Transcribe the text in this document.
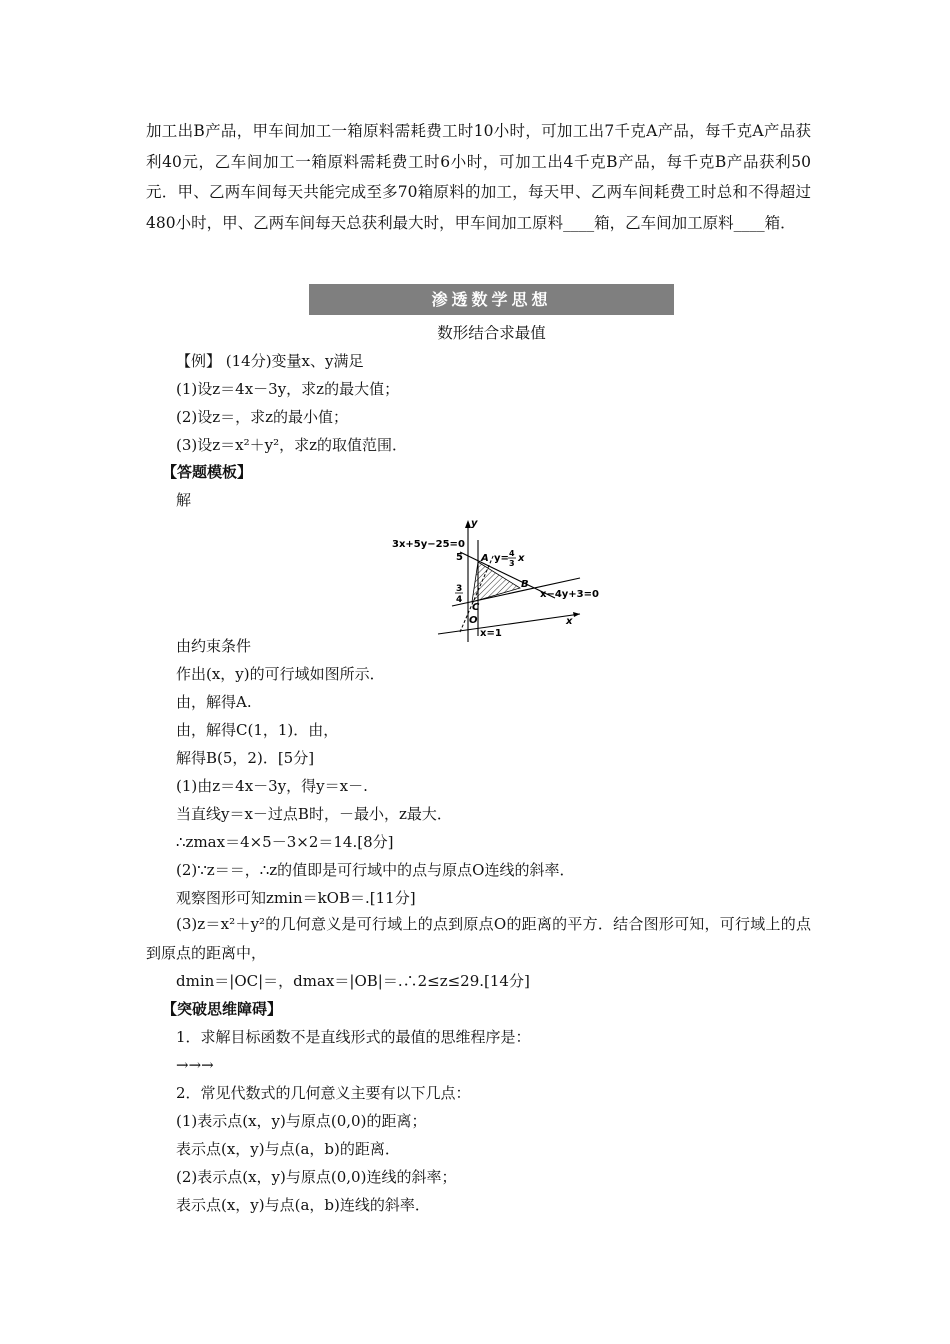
加工出B产品，甲车间加工一箱原料需耗费工时10小时，可加工出7千克A产品，每千克A产品获利40元，乙车间加工一箱原料需耗费工时6小时，可加工出4千克B产品，每千克B产品获利50元．甲、乙两车间每天共能完成至多70箱原料的加工，每天甲、乙两车间耗费工时总和不得超过480小时，甲、乙两车间每天总获利最大时，甲车间加工原料____箱，乙车间加工原料____箱．

渗透数学思想
数形结合求最值
【例】 (14分)变量x、y满足
(1)设z＝4x－3y，求z的最大值；
(2)设z＝，求z的最小值；
(3)设z＝x²＋y²，求z的取值范围．
【答题模板】
解
3x+5y−25=0
5	y= 4
3 x
x−4y+3=0
x=1
3
4
A
B
C
O	x
y
由约束条件
作出(x，y)的可行域如图所示．
由，解得A.
由，解得C(1，1)．由，
解得B(5，2)．[5分]
(1)由z＝4x－3y，得y＝x－.
当直线y＝x－过点B时，－最小，z最大．
∴zmax＝4×5－3×2＝14.[8分]
(2)∵z＝＝，∴z的值即是可行域中的点与原点O连线的斜率．
观察图形可知zmin＝kOB＝.[11分]
(3)z＝x²＋y²的几何意义是可行域上的点到原点O的距离的平方．结合图形可知，可行域上的点到原点的距离中，
dmin＝|OC|＝，dmax＝|OB|＝.∴2≤z≤29.[14分]
【突破思维障碍】
1．求解目标函数不是直线形式的最值的思维程序是：
→→→
2．常见代数式的几何意义主要有以下几点：
(1)表示点(x，y)与原点(0,0)的距离；
表示点(x，y)与点(a，b)的距离．
(2)表示点(x，y)与原点(0,0)连线的斜率；
表示点(x，y)与点(a，b)连线的斜率．
